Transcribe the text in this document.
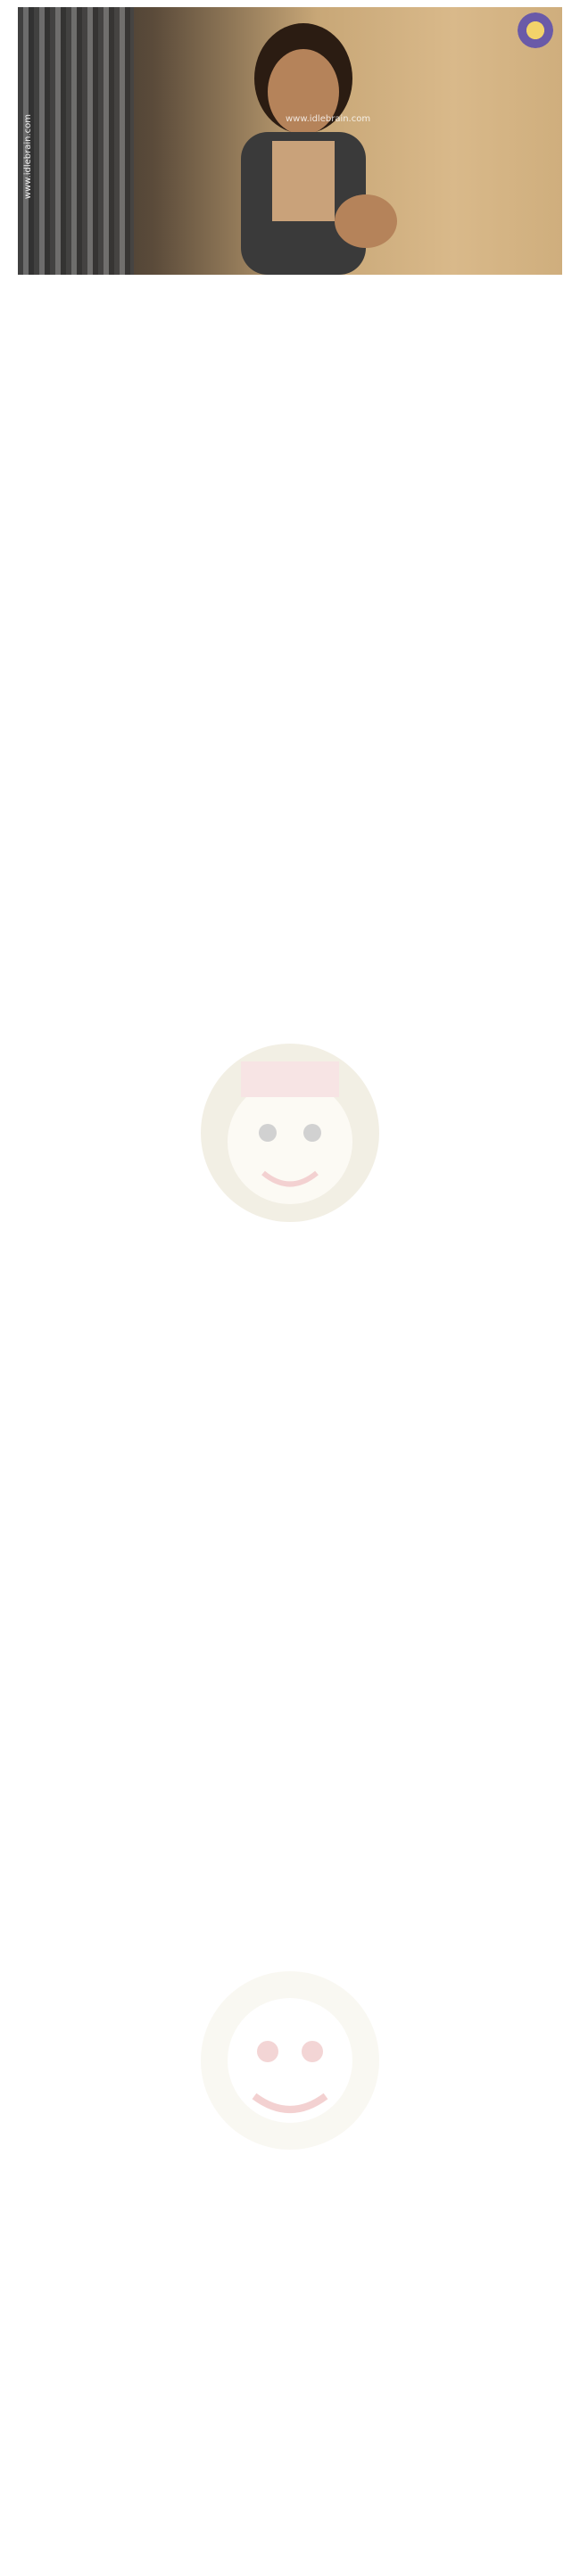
www.idlebrain.com	www.idlebrain.com
